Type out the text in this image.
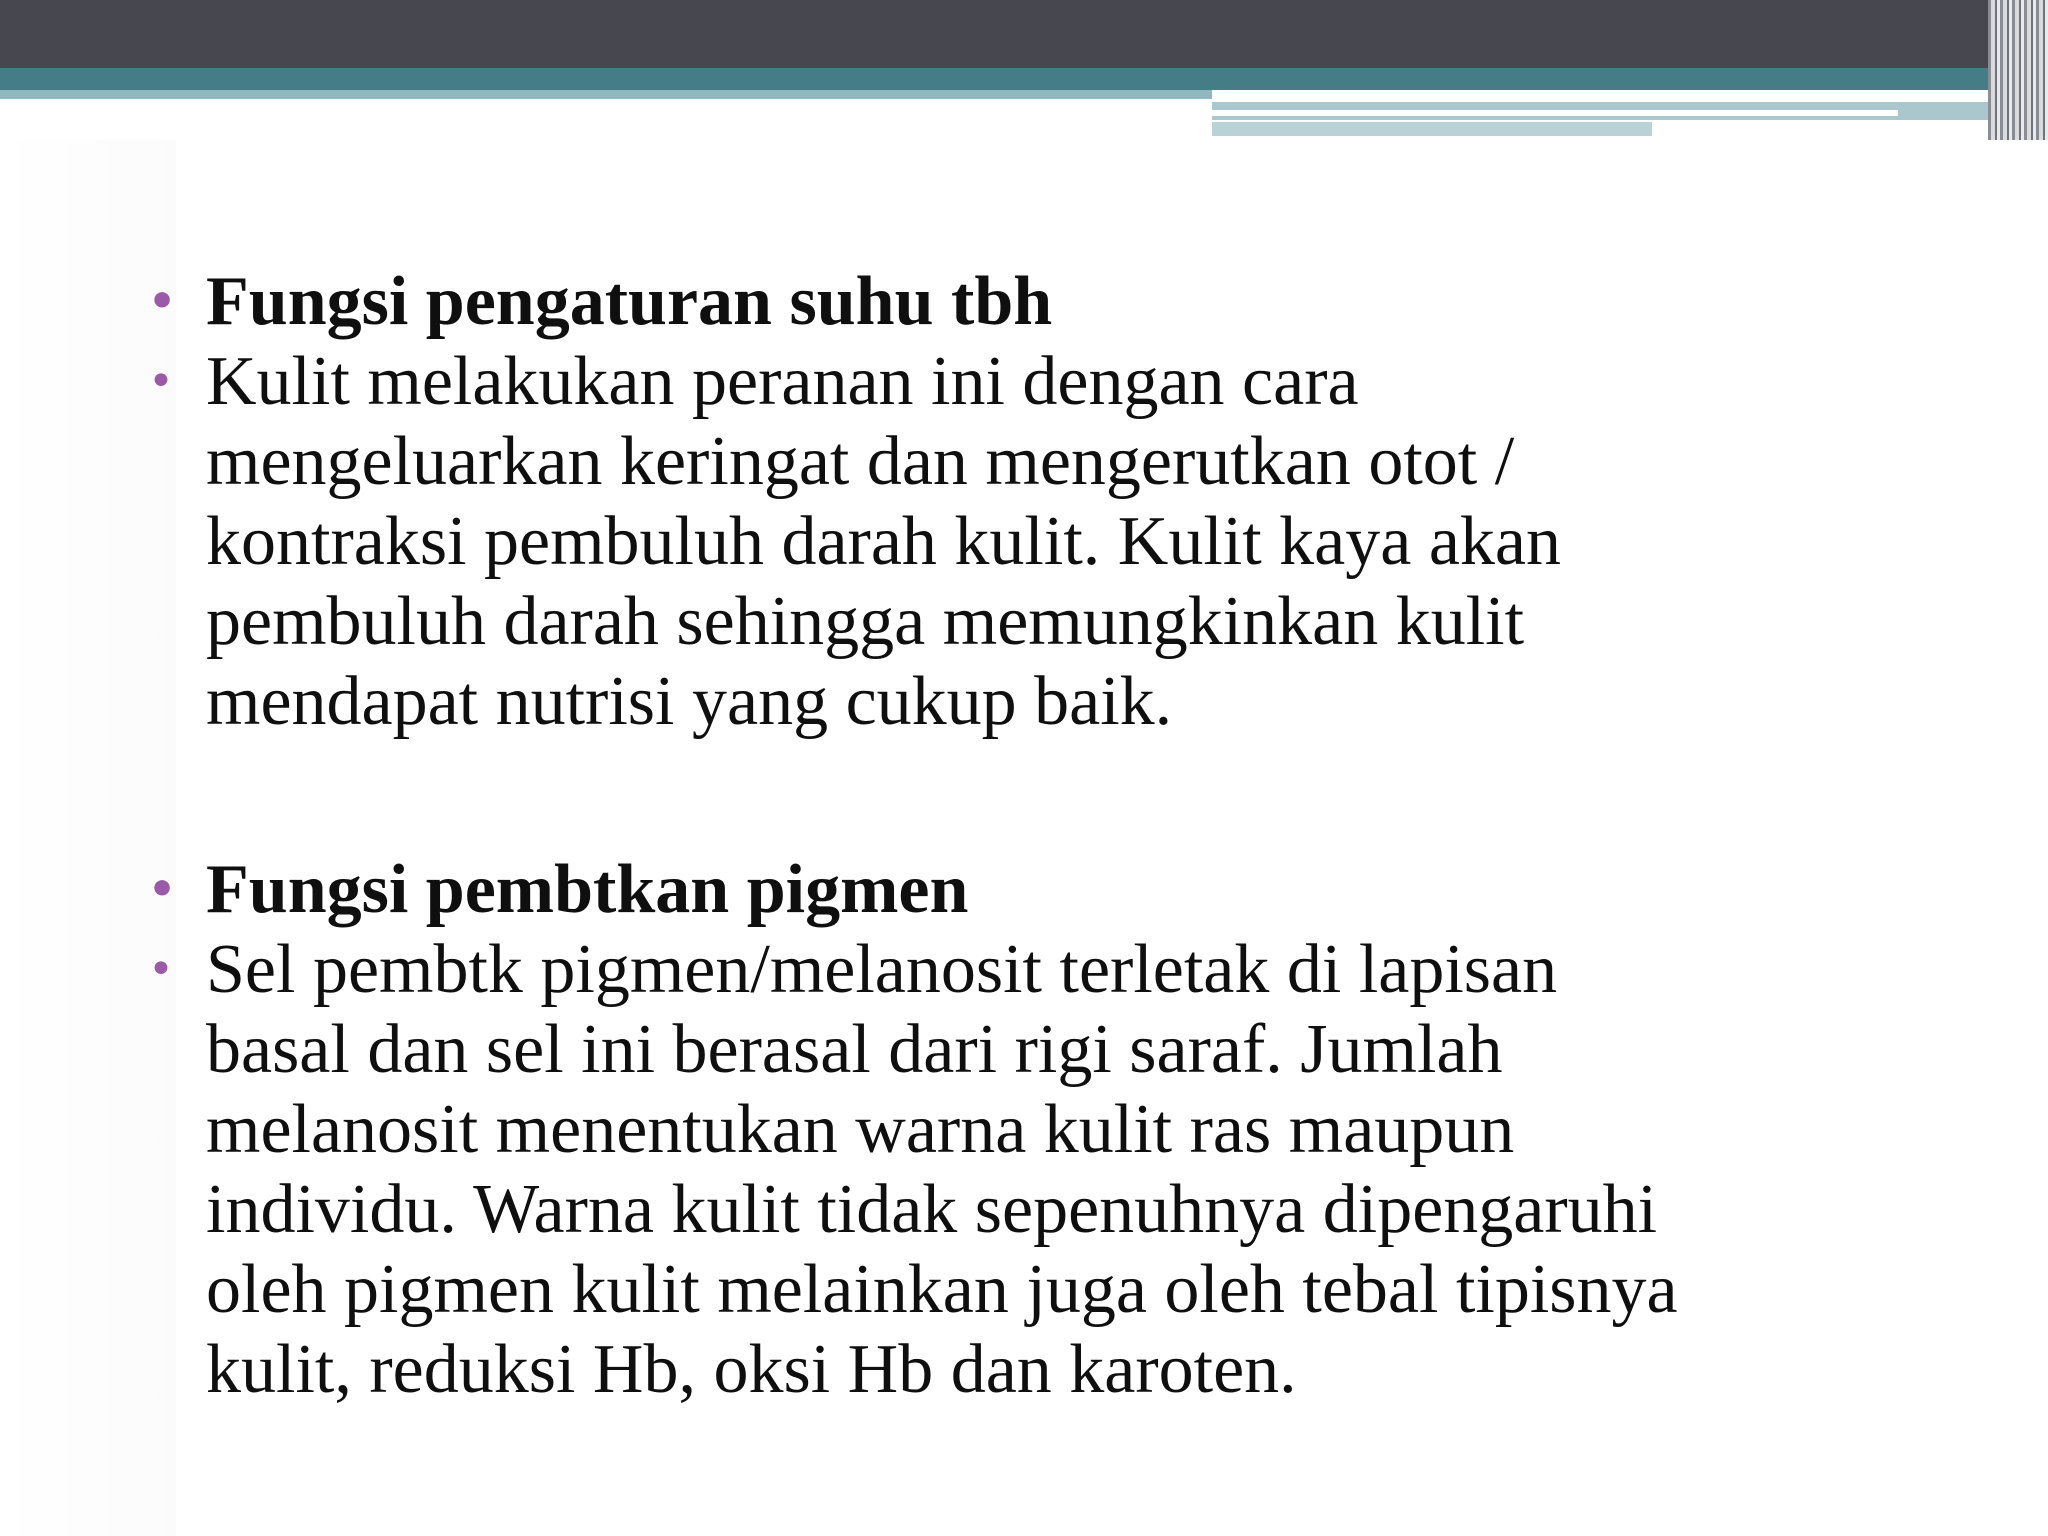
• Fungsi pengaturan suhu tbh
• Kulit melakukan peranan ini dengan cara
mengeluarkan keringat dan mengerutkan otot /
kontraksi pembuluh darah kulit. Kulit kaya akan
pembuluh darah sehingga memungkinkan kulit
mendapat nutrisi yang cukup baik.
• Fungsi pembtkan pigmen
• Sel pembtk pigmen/melanosit terletak di lapisan
basal dan sel ini berasal dari rigi saraf. Jumlah
melanosit menentukan warna kulit ras maupun
individu. Warna kulit tidak sepenuhnya dipengaruhi
oleh pigmen kulit melainkan juga oleh tebal tipisnya
kulit, reduksi Hb, oksi Hb dan karoten.
